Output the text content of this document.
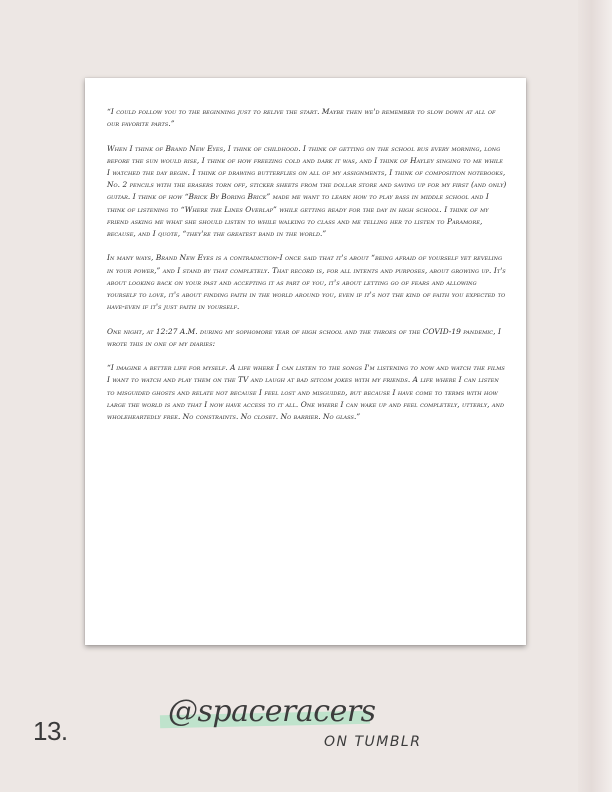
“I could follow you to the beginning just to relive the start. Maybe then we'd remember to slow down at all of our favorite parts.”

When I think of Brand New Eyes, I think of childhood. I think of getting on the school bus every morning, long before the sun would rise, I think of how freezing cold and dark it was, and I think of Hayley singing to me while I watched the day begin. I think of drawing butterflies on all of my assignments, I think of composition notebooks, No. 2 pencils with the erasers torn off, sticker sheets from the dollar store and saving up for my first (and only) guitar. I think of how “Brick By Boring Brick” made me want to learn how to play bass in middle school and I think of listening to “Where the Lines Overlap” while getting ready for the day in high school. I think of my friend asking me what she should listen to while walking to class and me telling her to listen to Paramore, because, and I quote, “they're the greatest band in the world.”

In many ways, Brand New Eyes is a contradiction-I once said that it's about “being afraid of yourself yet reveling in your power,” and I stand by that completely. That record is, for all intents and purposes, about growing up. It's about looking back on your past and accepting it as part of you, it's about letting go of fears and allowing yourself to love, it's about finding faith in the world around you, even if it's not the kind of faith you expected to have-even if it's just faith in yourself.

One night, at 12:27 A.M. during my sophomore year of high school and the throes of the COVID-19 pandemic, I wrote this in one of my diaries:

“I imagine a better life for myself. A life where I can listen to the songs I'm listening to now and watch the films I want to watch and play them on the TV and laugh at bad sitcom jokes with my friends. A life where I can listen to misguided ghosts and relate not because I feel lost and misguided, but because I have come to terms with how large the world is and that I now have access to it all. One where I can wake up and feel completely, utterly, and wholeheartedly free. No constraints. No closet. No barrier. No glass.”

13.
@spaceracers
ON TUMBLR
